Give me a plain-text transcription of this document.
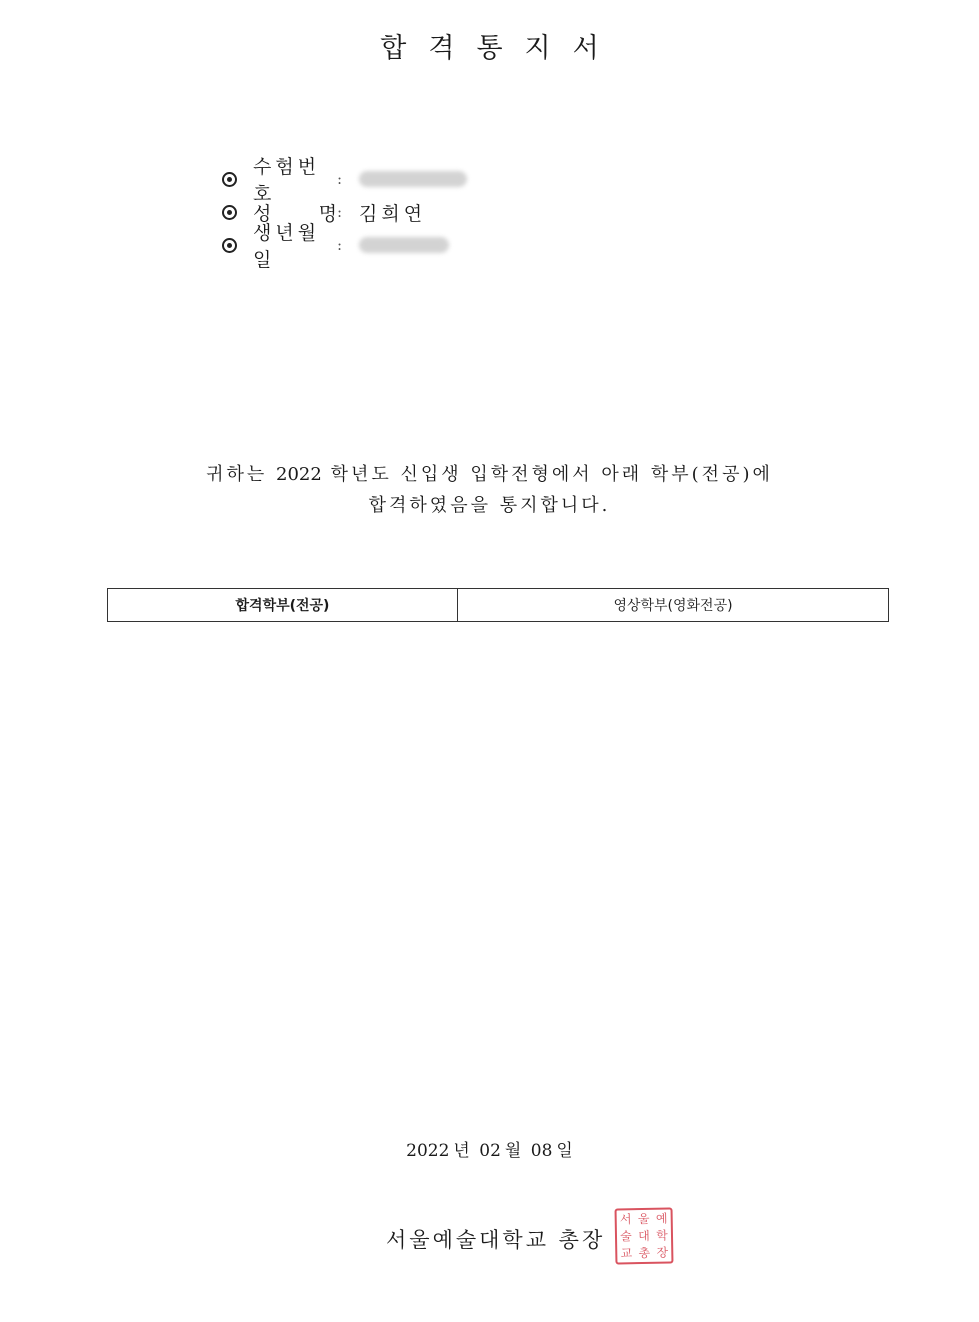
합격통지서
수험번호
:
성 명 : 김희연
생년월일
:
귀하는 2022 학년도 신입생 입학전형에서 아래 학부(전공)에
합격하였음을 통지합니다.
합격학부(전공)	영상학부(영화전공)
2022 년 02 월 08 일
서울예술대학교 총장
서 울 예
술 대 학
교 총 장
